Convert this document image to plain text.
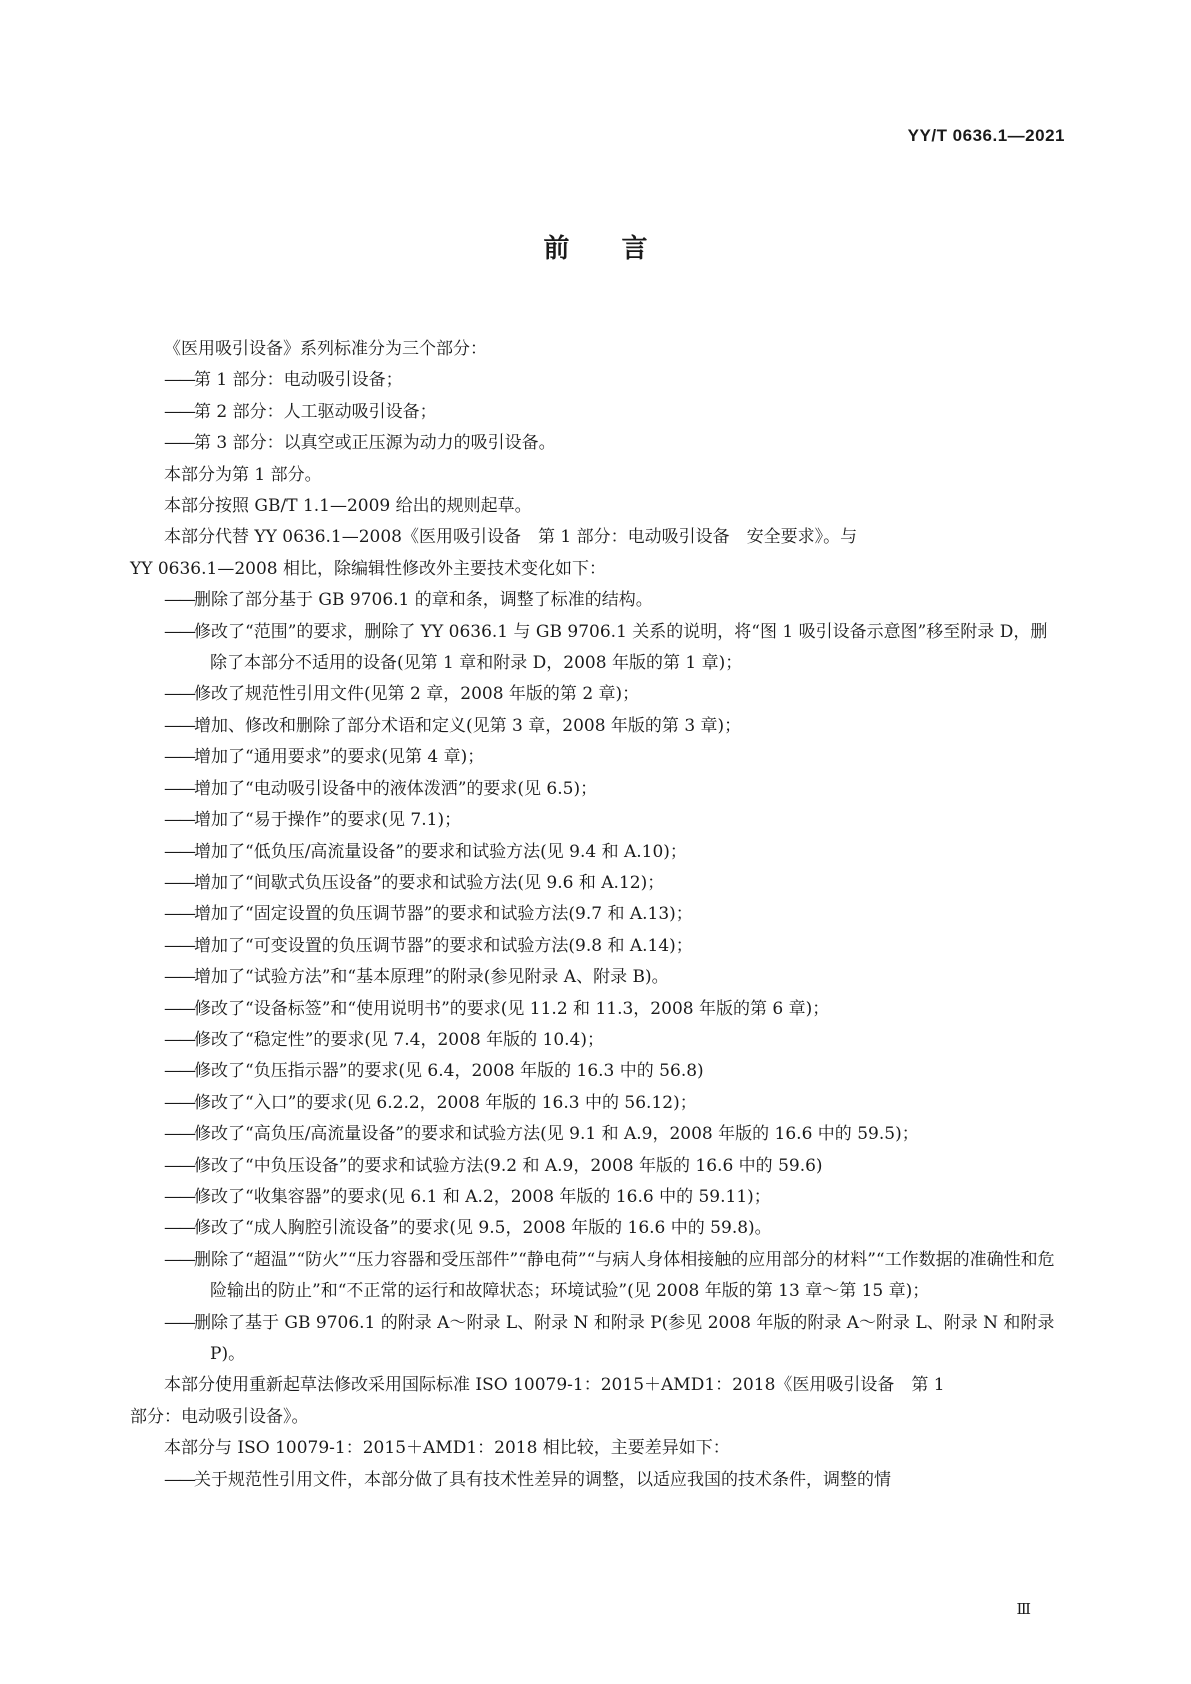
YY/T 0636.1—2021
前 言

《医用吸引设备》系列标准分为三个部分：

——第 1 部分：电动吸引设备；

——第 2 部分：人工驱动吸引设备；

——第 3 部分：以真空或正压源为动力的吸引设备。

本部分为第 1 部分。

本部分按照 GB/T 1.1—2009 给出的规则起草。

本部分代替 YY 0636.1—2008《医用吸引设备　第 1 部分：电动吸引设备　安全要求》。与

YY 0636.1—2008 相比，除编辑性修改外主要技术变化如下：

——删除了部分基于 GB 9706.1 的章和条，调整了标准的结构。

——修改了“范围”的要求，删除了 YY 0636.1 与 GB 9706.1 关系的说明，将“图 1 吸引设备示意图”移至附录 D，删除了本部分不适用的设备(见第 1 章和附录 D，2008 年版的第 1 章)；

——修改了规范性引用文件(见第 2 章，2008 年版的第 2 章)；

——增加、修改和删除了部分术语和定义(见第 3 章，2008 年版的第 3 章)；

——增加了“通用要求”的要求(见第 4 章)；

——增加了“电动吸引设备中的液体泼洒”的要求(见 6.5)；

——增加了“易于操作”的要求(见 7.1)；

——增加了“低负压/高流量设备”的要求和试验方法(见 9.4 和 A.10)；

——增加了“间歇式负压设备”的要求和试验方法(见 9.6 和 A.12)；

——增加了“固定设置的负压调节器”的要求和试验方法(9.7 和 A.13)；

——增加了“可变设置的负压调节器”的要求和试验方法(9.8 和 A.14)；

——增加了“试验方法”和“基本原理”的附录(参见附录 A、附录 B)。

——修改了“设备标签”和“使用说明书”的要求(见 11.2 和 11.3，2008 年版的第 6 章)；

——修改了“稳定性”的要求(见 7.4，2008 年版的 10.4)；

——修改了“负压指示器”的要求(见 6.4，2008 年版的 16.3 中的 56.8)

——修改了“入口”的要求(见 6.2.2，2008 年版的 16.3 中的 56.12)；

——修改了“高负压/高流量设备”的要求和试验方法(见 9.1 和 A.9，2008 年版的 16.6 中的 59.5)；

——修改了“中负压设备”的要求和试验方法(9.2 和 A.9，2008 年版的 16.6 中的 59.6)

——修改了“收集容器”的要求(见 6.1 和 A.2，2008 年版的 16.6 中的 59.11)；

——修改了“成人胸腔引流设备”的要求(见 9.5，2008 年版的 16.6 中的 59.8)。

——删除了“超温”“防火”“压力容器和受压部件”“静电荷”“与病人身体相接触的应用部分的材料”“工作数据的准确性和危险输出的防止”和“不正常的运行和故障状态；环境试验”(见 2008 年版的第 13 章～第 15 章)；

——删除了基于 GB 9706.1 的附录 A～附录 L、附录 N 和附录 P(参见 2008 年版的附录 A～附录 L、附录 N 和附录 P)。

本部分使用重新起草法修改采用国际标准 ISO 10079-1：2015＋AMD1：2018《医用吸引设备　第 1

部分：电动吸引设备》。

本部分与 ISO 10079-1：2015＋AMD1：2018 相比较，主要差异如下：

——关于规范性引用文件，本部分做了具有技术性差异的调整，以适应我国的技术条件，调整的情

Ⅲ
